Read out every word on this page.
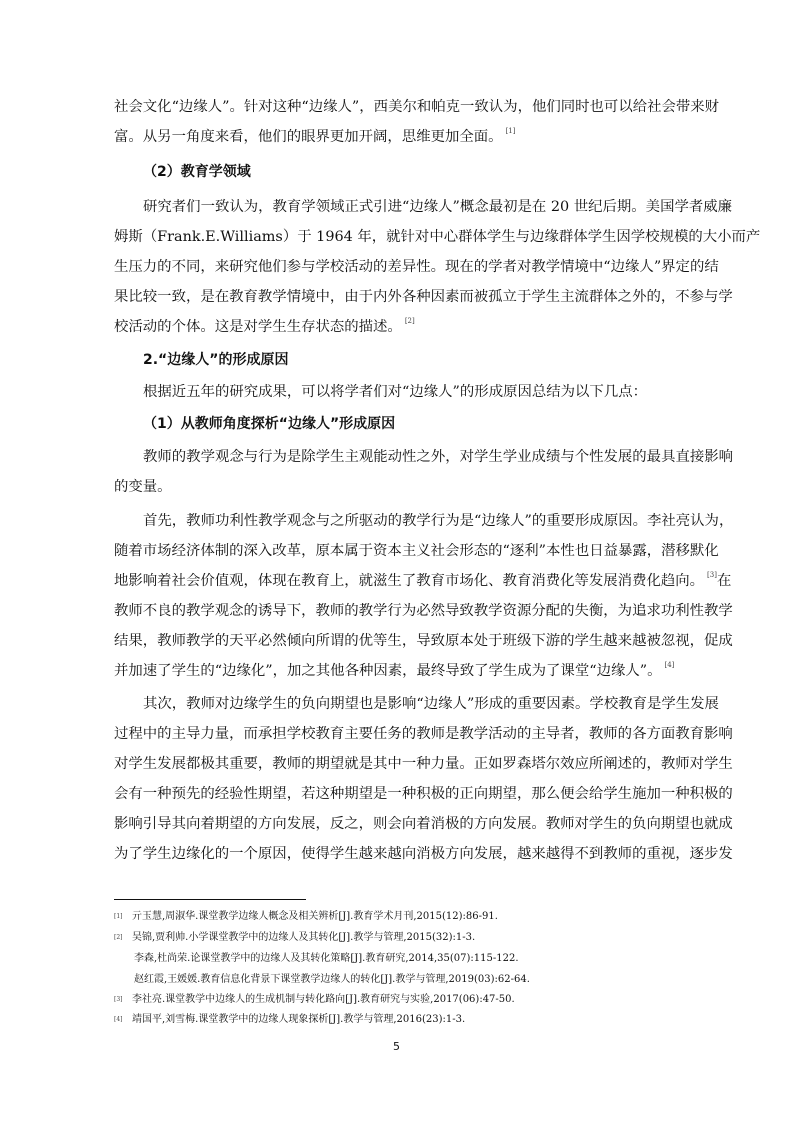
社会文化“边缘人”。针对这种“边缘人”，西美尔和帕克一致认为，他们同时也可以给社会带来财
富。从另一角度来看，他们的眼界更加开阔，思维更加全面。 [1]
（2）教育学领域
研究者们一致认为，教育学领域正式引进“边缘人”概念最初是在 20 世纪后期。美国学者威廉
姆斯（Frank.E.Williams）于 1964 年，就针对中心群体学生与边缘群体学生因学校规模的大小而产
生压力的不同，来研究他们参与学校活动的差异性。现在的学者对教学情境中“边缘人”界定的结
果比较一致，是在教育教学情境中，由于内外各种因素而被孤立于学生主流群体之外的，不参与学
校活动的个体。这是对学生生存状态的描述。 [2]
2.“边缘人”的形成原因
根据近五年的研究成果，可以将学者们对“边缘人”的形成原因总结为以下几点：
（1）从教师角度探析“边缘人”形成原因
教师的教学观念与行为是除学生主观能动性之外，对学生学业成绩与个性发展的最具直接影响
的变量。
首先，教师功利性教学观念与之所驱动的教学行为是“边缘人”的重要形成原因。李社亮认为，
随着市场经济体制的深入改革，原本属于资本主义社会形态的“逐利”本性也日益暴露，潜移默化
地影响着社会价值观，体现在教育上，就滋生了教育市场化、教育消费化等发展消费化趋向。 [3]在
教师不良的教学观念的诱导下，教师的教学行为必然导致教学资源分配的失衡，为追求功利性教学
结果，教师教学的天平必然倾向所谓的优等生，导致原本处于班级下游的学生越来越被忽视，促成
并加速了学生的“边缘化”，加之其他各种因素，最终导致了学生成为了课堂“边缘人”。 [4]
其次，教师对边缘学生的负向期望也是影响“边缘人”形成的重要因素。学校教育是学生发展
过程中的主导力量，而承担学校教育主要任务的教师是教学活动的主导者，教师的各方面教育影响
对学生发展都极其重要，教师的期望就是其中一种力量。正如罗森塔尔效应所阐述的，教师对学生
会有一种预先的经验性期望，若这种期望是一种积极的正向期望，那么便会给学生施加一种积极的
影响引导其向着期望的方向发展，反之，则会向着消极的方向发展。教师对学生的负向期望也就成
为了学生边缘化的一个原因，使得学生越来越向消极方向发展，越来越得不到教师的重视，逐步发
[1] 亓玉慧,周淑华.课堂教学边缘人概念及相关辨析[J].教育学术月刊,2015(12):86-91.
[2] 吴锦,贾利帅.小学课堂教学中的边缘人及其转化[J].教学与管理,2015(32):1-3.
李森,杜尚荣.论课堂教学中的边缘人及其转化策略[J].教育研究,2014,35(07):115-122.
赵红霞,王媛媛.教育信息化背景下课堂教学边缘人的转化[J].教学与管理,2019(03):62-64.
[3] 李社亮.课堂教学中边缘人的生成机制与转化路向[J].教育研究与实验,2017(06):47-50.
[4] 靖国平,刘雪梅.课堂教学中的边缘人现象探析[J].教学与管理,2016(23):1-3.
5
